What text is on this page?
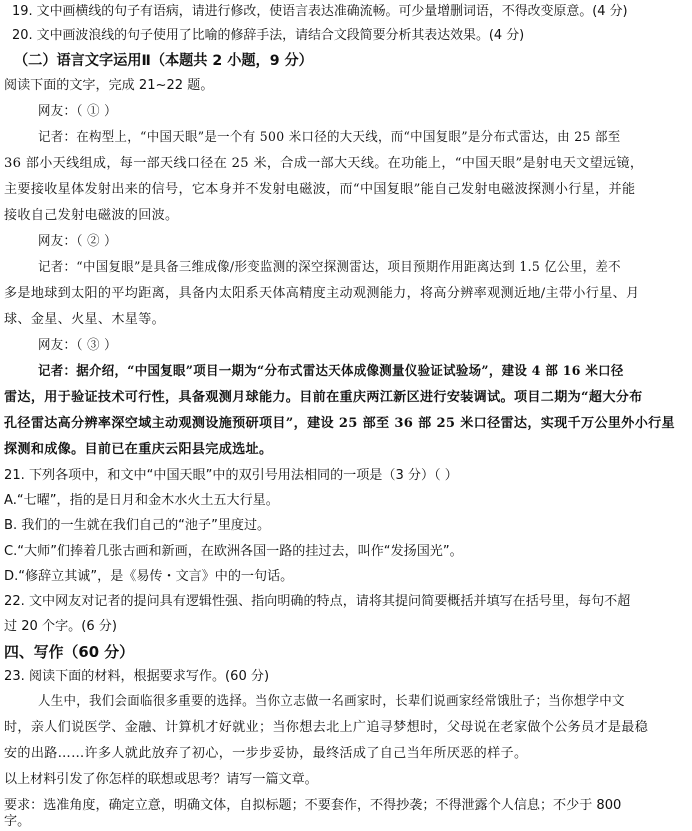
19. 文中画横线的句子有语病，请进行修改，使语言表达准确流畅。可少量增删词语，不得改变原意。(4 分)
20. 文中画波浪线的句子使用了比喻的修辞手法，请结合文段简要分析其表达效果。(4 分)
（二）语言文字运用Ⅱ（本题共 2 小题，9 分）
阅读下面的文字，完成 21~22 题。
网友：（ ① ）
记者：在构型上，“中国天眼”是一个有 500 米口径的大天线，而“中国复眼”是分布式雷达，由 25 部至
36 部小天线组成，每一部天线口径在 25 米，合成一部大天线。在功能上，“中国天眼”是射电天文望远镜，
主要接收星体发射出来的信号，它本身并不发射电磁波，而“中国复眼”能自己发射电磁波探测小行星，并能
接收自己发射电磁波的回波。
网友：（ ② ）
记者：“中国复眼”是具备三维成像/形变监测的深空探测雷达，项目预期作用距离达到 1.5 亿公里，差不
多是地球到太阳的平均距离，具备内太阳系天体高精度主动观测能力，将高分辨率观测近地/主带小行星、月
球、金星、火星、木星等。
网友：（ ③ ）
记者：据介绍，“中国复眼”项目一期为“分布式雷达天体成像测量仪验证试验场”，建设 4 部 16 米口径
雷达，用于验证技术可行性，具备观测月球能力。目前在重庆两江新区进行安装调试。项目二期为“超大分布
孔径雷达高分辨率深空域主动观测设施预研项目”，建设 25 部至 36 部 25 米口径雷达，实现千万公里外小行星
探测和成像。目前已在重庆云阳县完成选址。
21. 下列各项中，和文中“中国天眼”中的双引号用法相同的一项是（3 分）（ ）
A.“七曜”，指的是日月和金木水火土五大行星。
B. 我们的一生就在我们自己的“池子”里度过。
C.“大师”们捧着几张古画和新画，在欧洲各国一路的挂过去，叫作“发扬国光”。
D.“修辞立其诚”，是《易传・文言》中的一句话。
22. 文中网友对记者的提问具有逻辑性强、指向明确的特点，请将其提问简要概括并填写在括号里，每句不超
过 20 个字。(6 分)
四、写作（60 分）
23. 阅读下面的材料，根据要求写作。(60 分)
人生中，我们会面临很多重要的选择。当你立志做一名画家时，长辈们说画家经常饿肚子；当你想学中文
时，亲人们说医学、金融、计算机才好就业；当你想去北上广追寻梦想时，父母说在老家做个公务员才是最稳
安的出路……许多人就此放弃了初心，一步步妥协，最终活成了自己当年所厌恶的样子。
以上材料引发了你怎样的联想或思考？请写一篇文章。
要求：选准角度，确定立意，明确文体，自拟标题；不要套作，不得抄袭；不得泄露个人信息；不少于 800
字。
